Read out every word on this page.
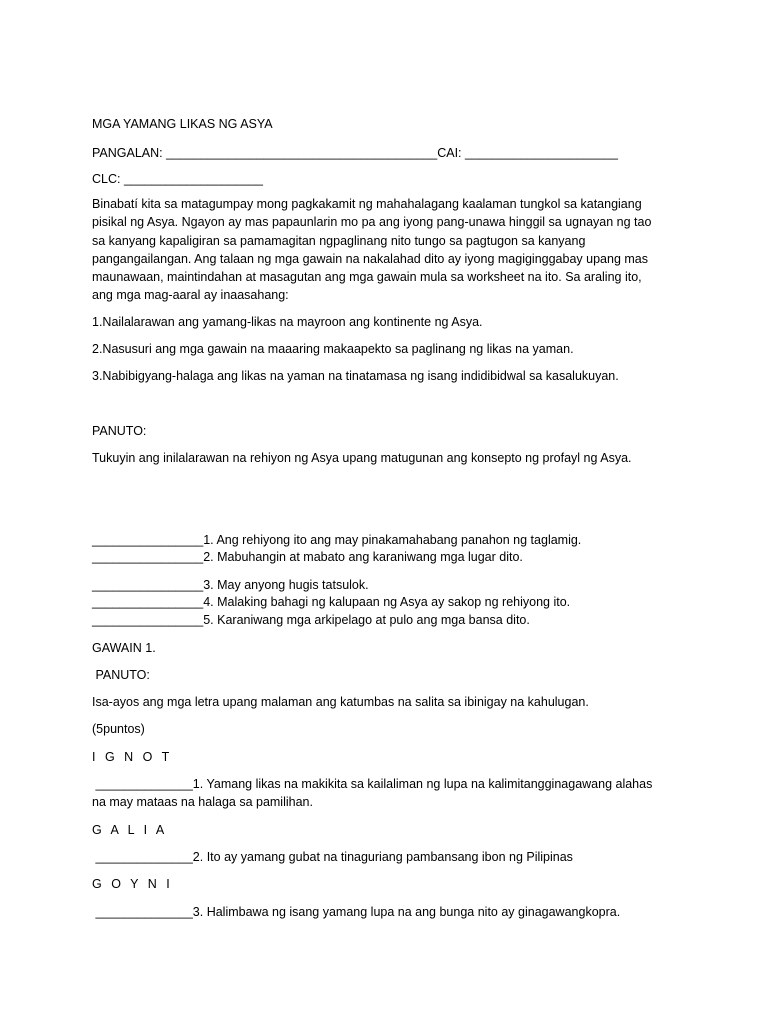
MGA YAMANG LIKAS NG ASYA

PANGALAN: _______________________________________CAI: ______________________

CLC: ____________________

Binabatí kita sa matagumpay mong pagkakamit ng mahahalagang kaalaman tungkol sa katangiang
pisikal ng Asya. Ngayon ay mas papaunlarin mo pa ang iyong pang-unawa hinggil sa ugnayan ng tao
sa kanyang kapaligiran sa pamamagitan ngpaglinang nito tungo sa pagtugon sa kanyang
pangangailangan. Ang talaan ng mga gawain na nakalahad dito ay iyong magiginggabay upang mas
maunawaan, maintindahan at masagutan ang mga gawain mula sa worksheet na ito. Sa araling ito,
ang mga mag-aaral ay inaasahang:

1.Nailalarawan ang yamang-likas na mayroon ang kontinente ng Asya.

2.Nasusuri ang mga gawain na maaaring makaapekto sa paglinang ng likas na yaman.

3.Nabibigyang-halaga ang likas na yaman na tinatamasa ng isang indidibidwal sa kasalukuyan.

PANUTO:

Tukuyin ang inilalarawan na rehiyon ng Asya upang matugunan ang konsepto ng profayl ng Asya.

________________1. Ang rehiyong ito ang may pinakamahabang panahon ng taglamig.

________________2. Mabuhangin at mabato ang karaniwang mga lugar dito.

________________3. May anyong hugis tatsulok.

________________4. Malaking bahagi ng kalupaan ng Asya ay sakop ng rehiyong ito.

________________5. Karaniwang mga arkipelago at pulo ang mga bansa dito.

GAWAIN 1.

PANUTO:

Isa-ayos ang mga letra upang malaman ang katumbas na salita sa ibinigay na kahulugan.

(5puntos)

I G N O T

______________1. Yamang likas na makikita sa kailaliman ng lupa na kalimitangginagawang alahas

na may mataas na halaga sa pamilihan.

G A L I A

______________2. Ito ay yamang gubat na tinaguriang pambansang ibon ng Pilipinas

G O Y N I

______________3. Halimbawa ng isang yamang lupa na ang bunga nito ay ginagawangkopra.
